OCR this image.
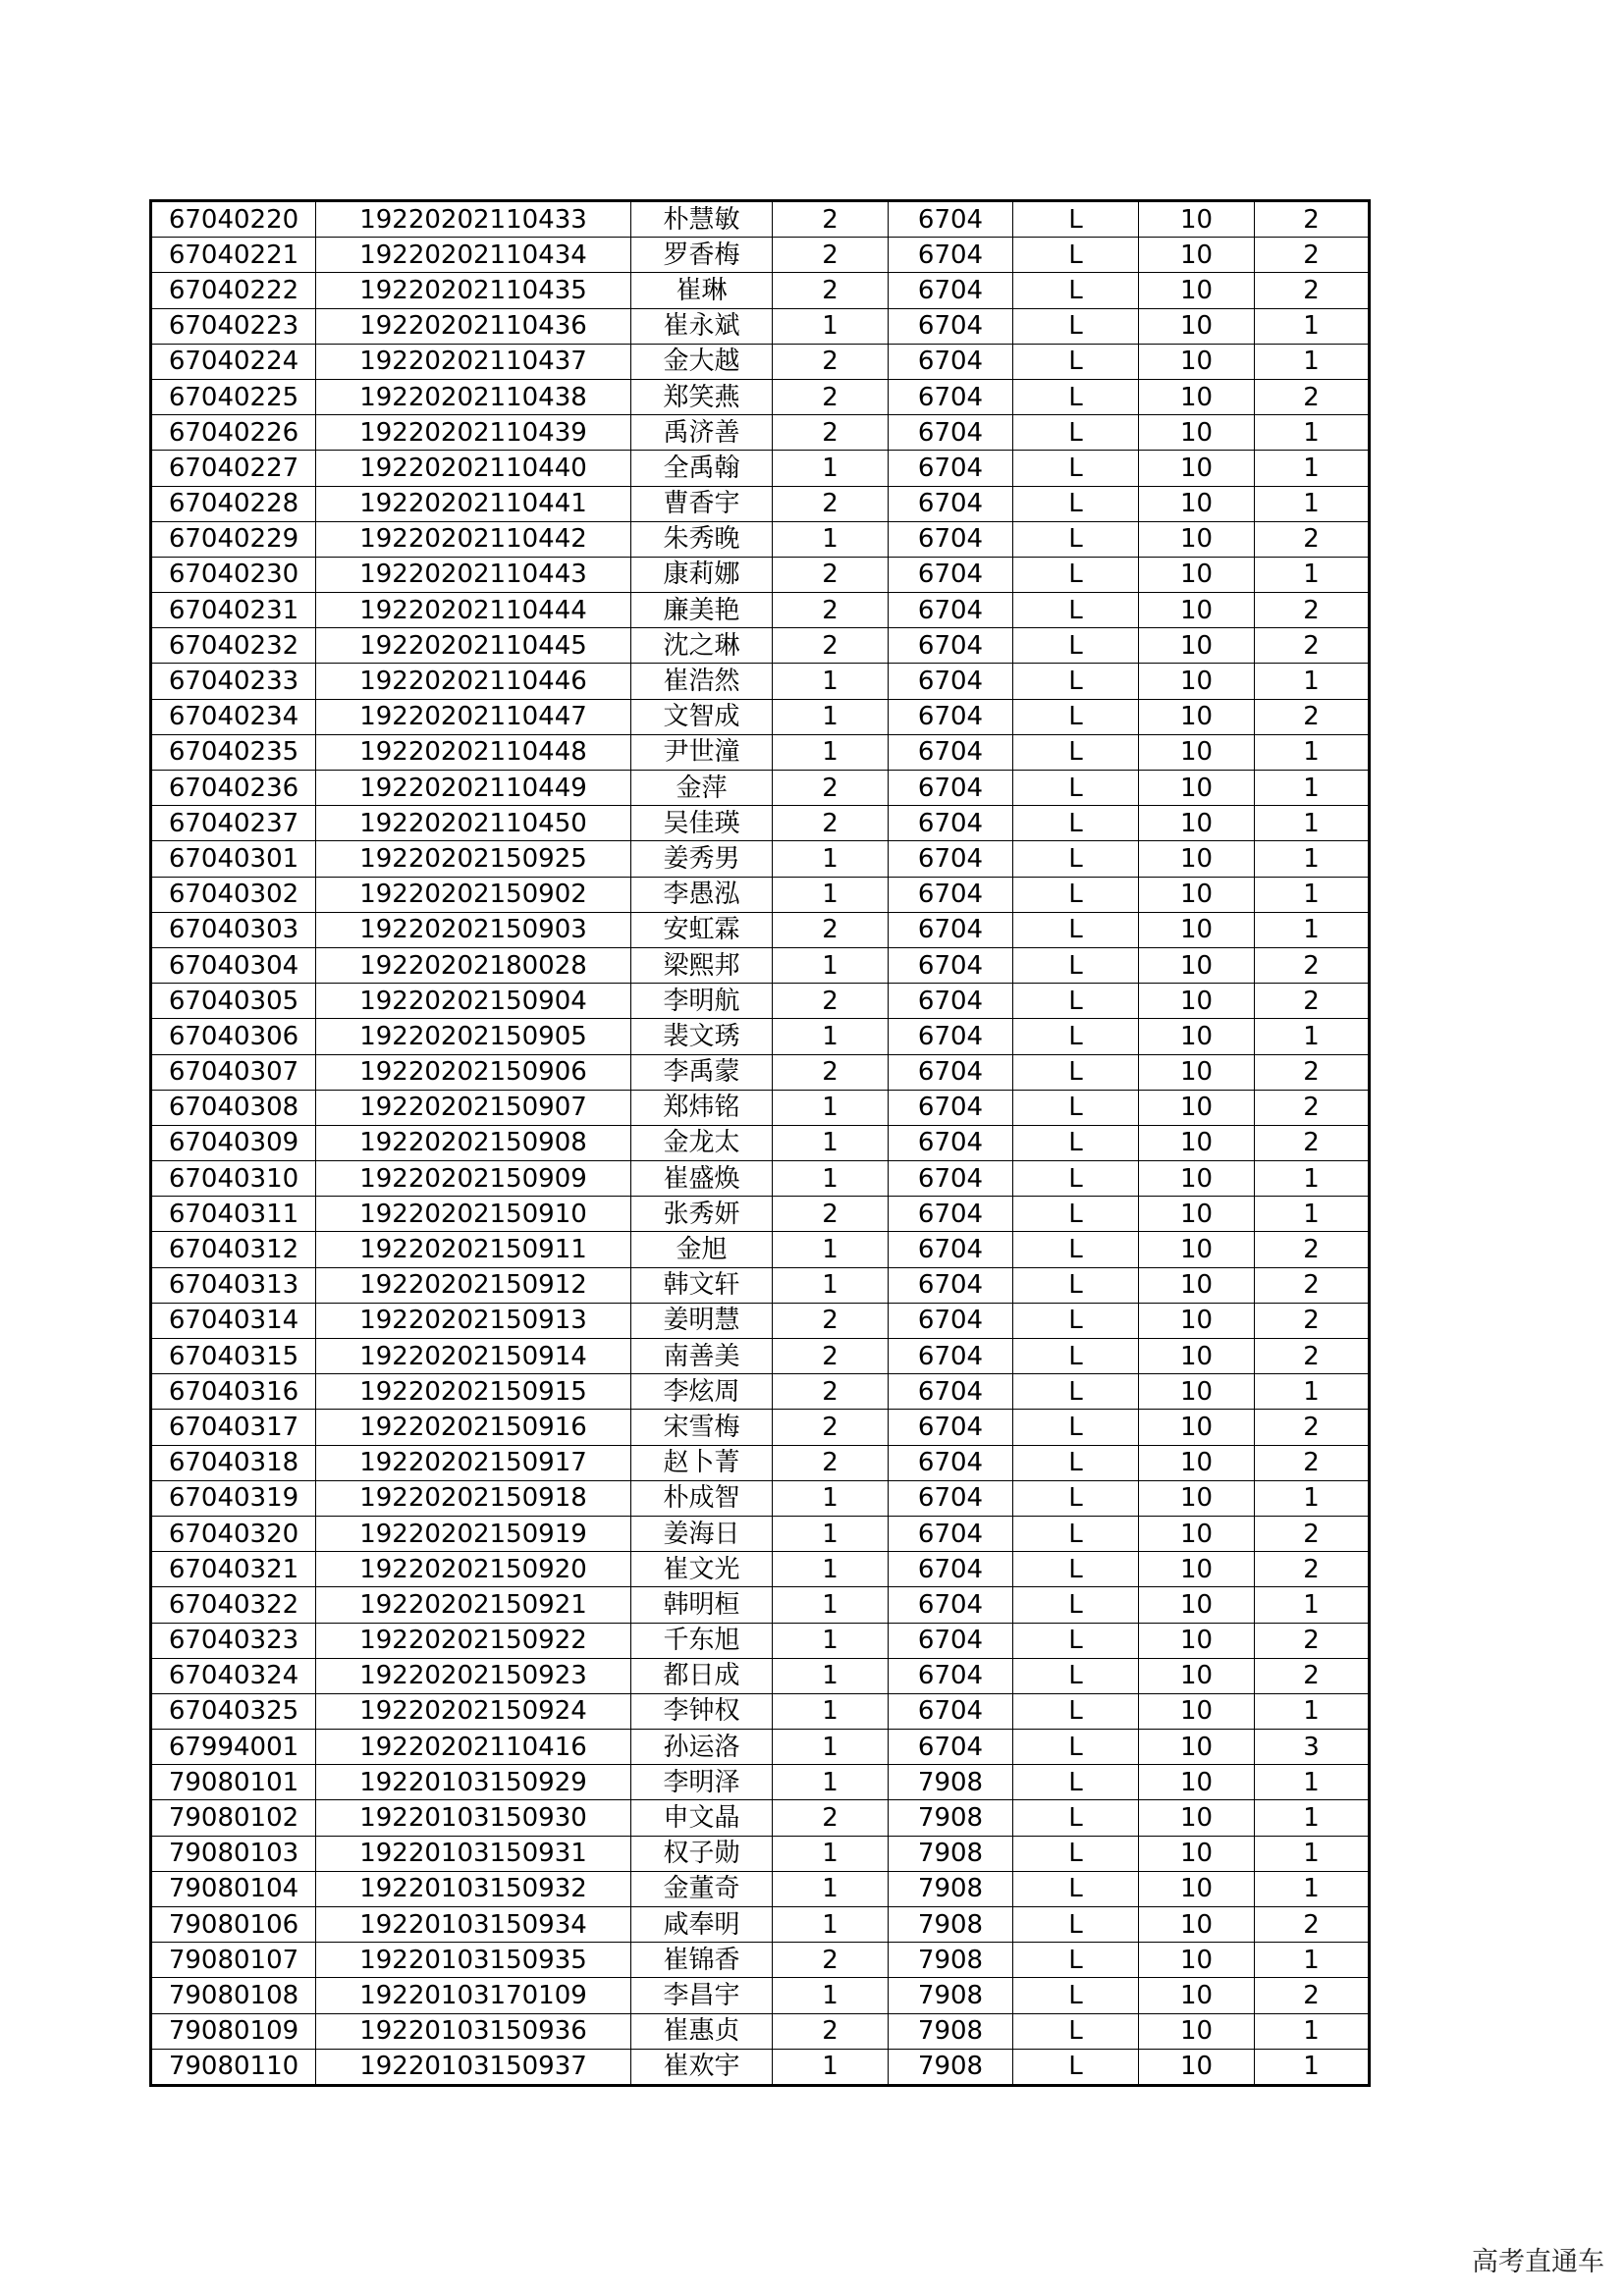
67040220	19220202110433	朴慧敏	2	6704	L	10	2
67040221	19220202110434	罗香梅	2	6704	L	10	2
67040222	19220202110435	崔琳	2	6704	L	10	2
67040223	19220202110436	崔永斌	1	6704	L	10	1
67040224	19220202110437	金大越	2	6704	L	10	1
67040225	19220202110438	郑笑燕	2	6704	L	10	2
67040226	19220202110439	禹济善	2	6704	L	10	1
67040227	19220202110440	全禹翰	1	6704	L	10	1
67040228	19220202110441	曹香宇	2	6704	L	10	1
67040229	19220202110442	朱秀晚	1	6704	L	10	2
67040230	19220202110443	康莉娜	2	6704	L	10	1
67040231	19220202110444	廉美艳	2	6704	L	10	2
67040232	19220202110445	沈之琳	2	6704	L	10	2
67040233	19220202110446	崔浩然	1	6704	L	10	1
67040234	19220202110447	文智成	1	6704	L	10	2
67040235	19220202110448	尹世潼	1	6704	L	10	1
67040236	19220202110449	金萍	2	6704	L	10	1
67040237	19220202110450	吴佳瑛	2	6704	L	10	1
67040301	19220202150925	姜秀男	1	6704	L	10	1
67040302	19220202150902	李愚泓	1	6704	L	10	1
67040303	19220202150903	安虹霖	2	6704	L	10	1
67040304	19220202180028	梁熙邦	1	6704	L	10	2
67040305	19220202150904	李明航	2	6704	L	10	2
67040306	19220202150905	裴文琇	1	6704	L	10	1
67040307	19220202150906	李禹蒙	2	6704	L	10	2
67040308	19220202150907	郑炜铭	1	6704	L	10	2
67040309	19220202150908	金龙太	1	6704	L	10	2
67040310	19220202150909	崔盛焕	1	6704	L	10	1
67040311	19220202150910	张秀妍	2	6704	L	10	1
67040312	19220202150911	金旭	1	6704	L	10	2
67040313	19220202150912	韩文轩	1	6704	L	10	2
67040314	19220202150913	姜明慧	2	6704	L	10	2
67040315	19220202150914	南善美	2	6704	L	10	2
67040316	19220202150915	李炫周	2	6704	L	10	1
67040317	19220202150916	宋雪梅	2	6704	L	10	2
67040318	19220202150917	赵卜菁	2	6704	L	10	2
67040319	19220202150918	朴成智	1	6704	L	10	1
67040320	19220202150919	姜海日	1	6704	L	10	2
67040321	19220202150920	崔文光	1	6704	L	10	2
67040322	19220202150921	韩明桓	1	6704	L	10	1
67040323	19220202150922	千东旭	1	6704	L	10	2
67040324	19220202150923	都日成	1	6704	L	10	2
67040325	19220202150924	李钟权	1	6704	L	10	1
67994001	19220202110416	孙运洛	1	6704	L	10	3
79080101	19220103150929	李明泽	1	7908	L	10	1
79080102	19220103150930	申文晶	2	7908	L	10	1
79080103	19220103150931	权子勋	1	7908	L	10	1
79080104	19220103150932	金董奇	1	7908	L	10	1
79080106	19220103150934	咸奉明	1	7908	L	10	2
79080107	19220103150935	崔锦香	2	7908	L	10	1
79080108	19220103170109	李昌宇	1	7908	L	10	2
79080109	19220103150936	崔惠贞	2	7908	L	10	1
79080110	19220103150937	崔欢宇	1	7908	L	10	1
高考直通车
